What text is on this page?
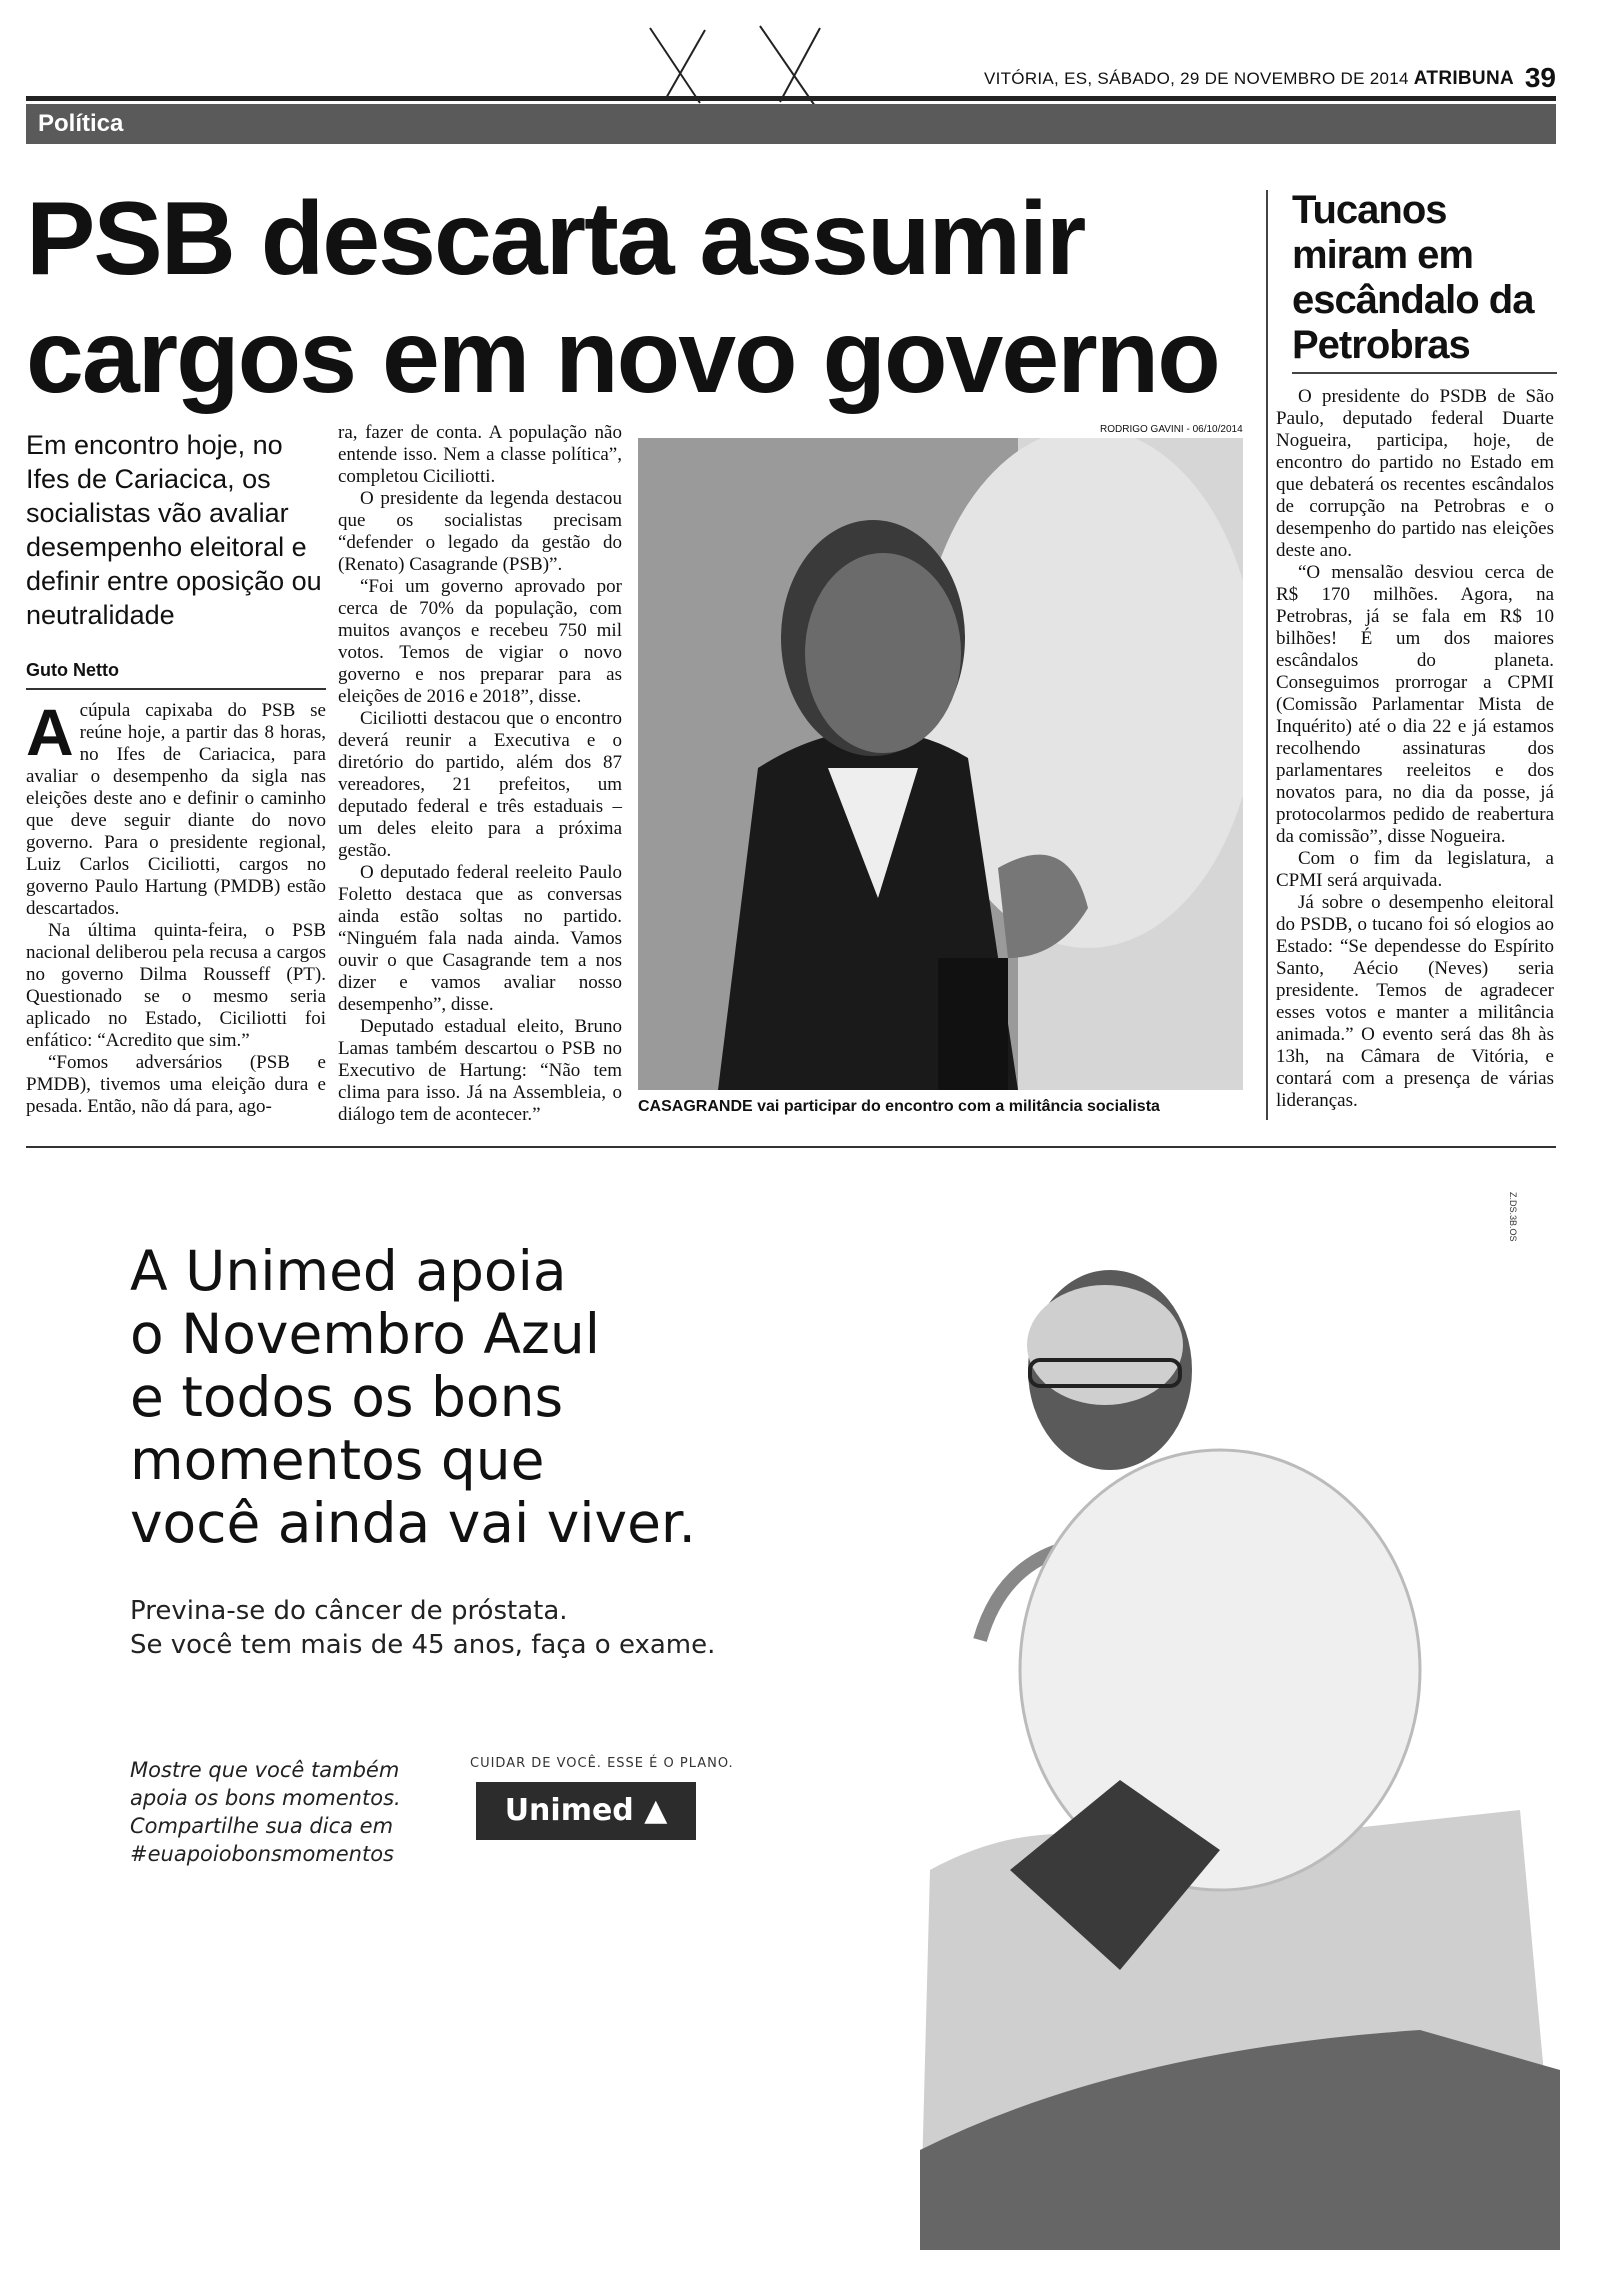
VITÓRIA, ES, SÁBADO, 29 DE NOVEMBRO DE 2014 ATRIBUNA 39
Política
PSB descarta assumir
cargos em novo governo
Em encontro hoje, no Ifes de Cariacica, os socialistas vão avaliar desempenho eleitoral e definir entre oposição ou neutralidade
Guto Netto

Acúpula capixaba do PSB se reúne hoje, a partir das 8 horas, no Ifes de Cariacica, para avaliar o desempenho da sigla nas eleições deste ano e definir o caminho que deve seguir diante do novo governo. Para o presidente regional, Luiz Carlos Ciciliotti, cargos no governo Paulo Hartung (PMDB) estão descartados.

Na última quinta-feira, o PSB nacional deliberou pela recusa a cargos no governo Dilma Rousseff (PT). Questionado se o mesmo seria aplicado no Estado, Ciciliotti foi enfático: “Acredito que sim.”

“Fomos adversários (PSB e PMDB), tivemos uma eleição dura e pesada. Então, não dá para, ago-

ra, fazer de conta. A população não entende isso. Nem a classe política”, completou Ciciliotti.

O presidente da legenda destacou que os socialistas precisam “defender o legado da gestão do (Renato) Casagrande (PSB)”.

“Foi um governo aprovado por cerca de 70% da população, com muitos avanços e recebeu 750 mil votos. Temos de vigiar o novo governo e nos preparar para as eleições de 2016 e 2018”, disse.

Ciciliotti destacou que o encontro deverá reunir a Executiva e o diretório do partido, além dos 87 vereadores, 21 prefeitos, um deputado federal e três estaduais – um deles eleito para a próxima gestão.

O deputado federal reeleito Paulo Foletto destaca que as conversas ainda estão soltas no partido. “Ninguém fala nada ainda. Vamos ouvir o que Casagrande tem a nos dizer e vamos avaliar nosso desempenho”, disse.

Deputado estadual eleito, Bruno Lamas também descartou o PSB no Executivo de Hartung: “Não tem clima para isso. Já na Assembleia, o diálogo tem de acontecer.”

RODRIGO GAVINI - 06/10/2014
CASAGRANDE vai participar do encontro com a militância socialista
Tucanos miram em escândalo da Petrobras

O presidente do PSDB de São Paulo, deputado federal Duarte Nogueira, participa, hoje, de encontro do partido no Estado em que debaterá os recentes escândalos de corrupção na Petrobras e o desempenho do partido nas eleições deste ano.

“O mensalão desviou cerca de R$ 170 milhões. Agora, na Petrobras, já se fala em R$ 10 bilhões! É um dos maiores escândalos do planeta. Conseguimos prorrogar a CPMI (Comissão Parlamentar Mista de Inquérito) até o dia 22 e já estamos recolhendo assinaturas dos parlamentares reeleitos e dos novatos para, no dia da posse, já protocolarmos pedido de reabertura da comissão”, disse Nogueira.

Com o fim da legislatura, a CPMI será arquivada.

Já sobre o desempenho eleitoral do PSDB, o tucano foi só elogios ao Estado: “Se dependesse do Espírito Santo, Aécio (Neves) seria presidente. Temos de agradecer esses votos e manter a militância animada.” O evento será das 8h às 13h, na Câmara de Vitória, e contará com a presença de várias lideranças.

A Unimed apoia
o Novembro Azul
e todos os bons
momentos que
você ainda vai viver.
Previna-se do câncer de próstata.
Se você tem mais de 45 anos, faça o exame.
Mostre que você também
apoia os bons momentos.
Compartilhe sua dica em
#euapoiobonsmomentos
CUIDAR DE VOCÊ. ESSE É O PLANO.
Unimed ▲
Z.DS.3B.OS
